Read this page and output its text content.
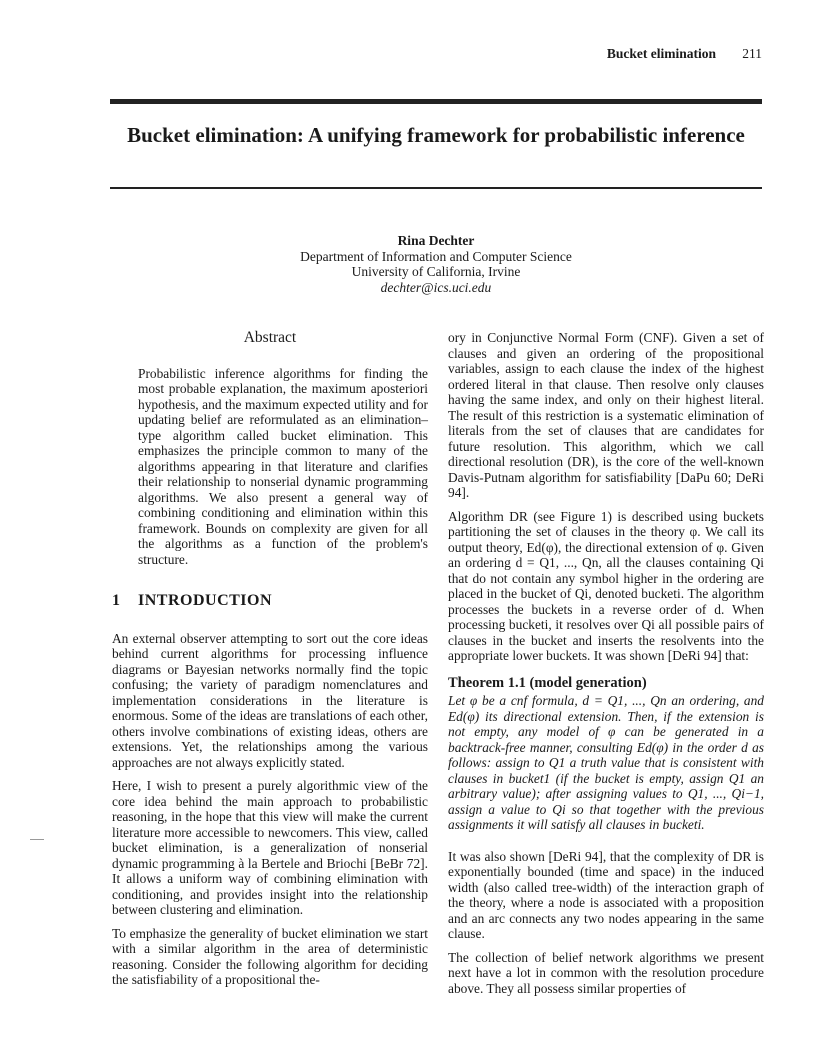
Bucket elimination 211
Bucket elimination: A unifying framework for probabilistic inference
Rina Dechter
Department of Information and Computer Science
University of California, Irvine
dechter@ics.uci.edu
Abstract
Probabilistic inference algorithms for finding the most probable explanation, the maximum aposteriori hypothesis, and the maximum expected utility and for updating belief are reformulated as an elimination–type algorithm called bucket elimination. This emphasizes the principle common to many of the algorithms appearing in that literature and clarifies their relationship to nonserial dynamic programming algorithms. We also present a general way of combining conditioning and elimination within this framework. Bounds on complexity are given for all the algorithms as a function of the problem's structure.
1 INTRODUCTION

An external observer attempting to sort out the core ideas behind current algorithms for processing influence diagrams or Bayesian networks normally find the topic confusing; the variety of paradigm nomenclatures and implementation considerations in the literature is enormous. Some of the ideas are translations of each other, others involve combinations of existing ideas, others are extensions. Yet, the relationships among the various approaches are not always explicitly stated.

Here, I wish to present a purely algorithmic view of the core idea behind the main approach to probabilistic reasoning, in the hope that this view will make the current literature more accessible to newcomers. This view, called bucket elimination, is a generalization of nonserial dynamic programming à la Bertele and Briochi [BeBr 72]. It allows a uniform way of combining elimination with conditioning, and provides insight into the relationship between clustering and elimination.

To emphasize the generality of bucket elimination we start with a similar algorithm in the area of deterministic reasoning. Consider the following algorithm for deciding the satisfiability of a propositional the-

ory in Conjunctive Normal Form (CNF). Given a set of clauses and given an ordering of the propositional variables, assign to each clause the index of the highest ordered literal in that clause. Then resolve only clauses having the same index, and only on their highest literal. The result of this restriction is a systematic elimination of literals from the set of clauses that are candidates for future resolution. This algorithm, which we call directional resolution (DR), is the core of the well-known Davis-Putnam algorithm for satisfiability [DaPu 60; DeRi 94].

Algorithm DR (see Figure 1) is described using buckets partitioning the set of clauses in the theory φ. We call its output theory, Ed(φ), the directional extension of φ. Given an ordering d = Q1, ..., Qn, all the clauses containing Qi that do not contain any symbol higher in the ordering are placed in the bucket of Qi, denoted bucketi. The algorithm processes the buckets in a reverse order of d. When processing bucketi, it resolves over Qi all possible pairs of clauses in the bucket and inserts the resolvents into the appropriate lower buckets. It was shown [DeRi 94] that:

Theorem 1.1 (model generation)
Let φ be a cnf formula, d = Q1, ..., Qn an ordering, and Ed(φ) its directional extension. Then, if the extension is not empty, any model of φ can be generated in a backtrack-free manner, consulting Ed(φ) in the order d as follows: assign to Q1 a truth value that is consistent with clauses in bucket1 (if the bucket is empty, assign Q1 an arbitrary value); after assigning values to Q1, ..., Qi−1, assign a value to Qi so that together with the previous assignments it will satisfy all clauses in bucketi.

It was also shown [DeRi 94], that the complexity of DR is exponentially bounded (time and space) in the induced width (also called tree-width) of the interaction graph of the theory, where a node is associated with a proposition and an arc connects any two nodes appearing in the same clause.

The collection of belief network algorithms we present next have a lot in common with the resolution procedure above. They all possess similar properties of
